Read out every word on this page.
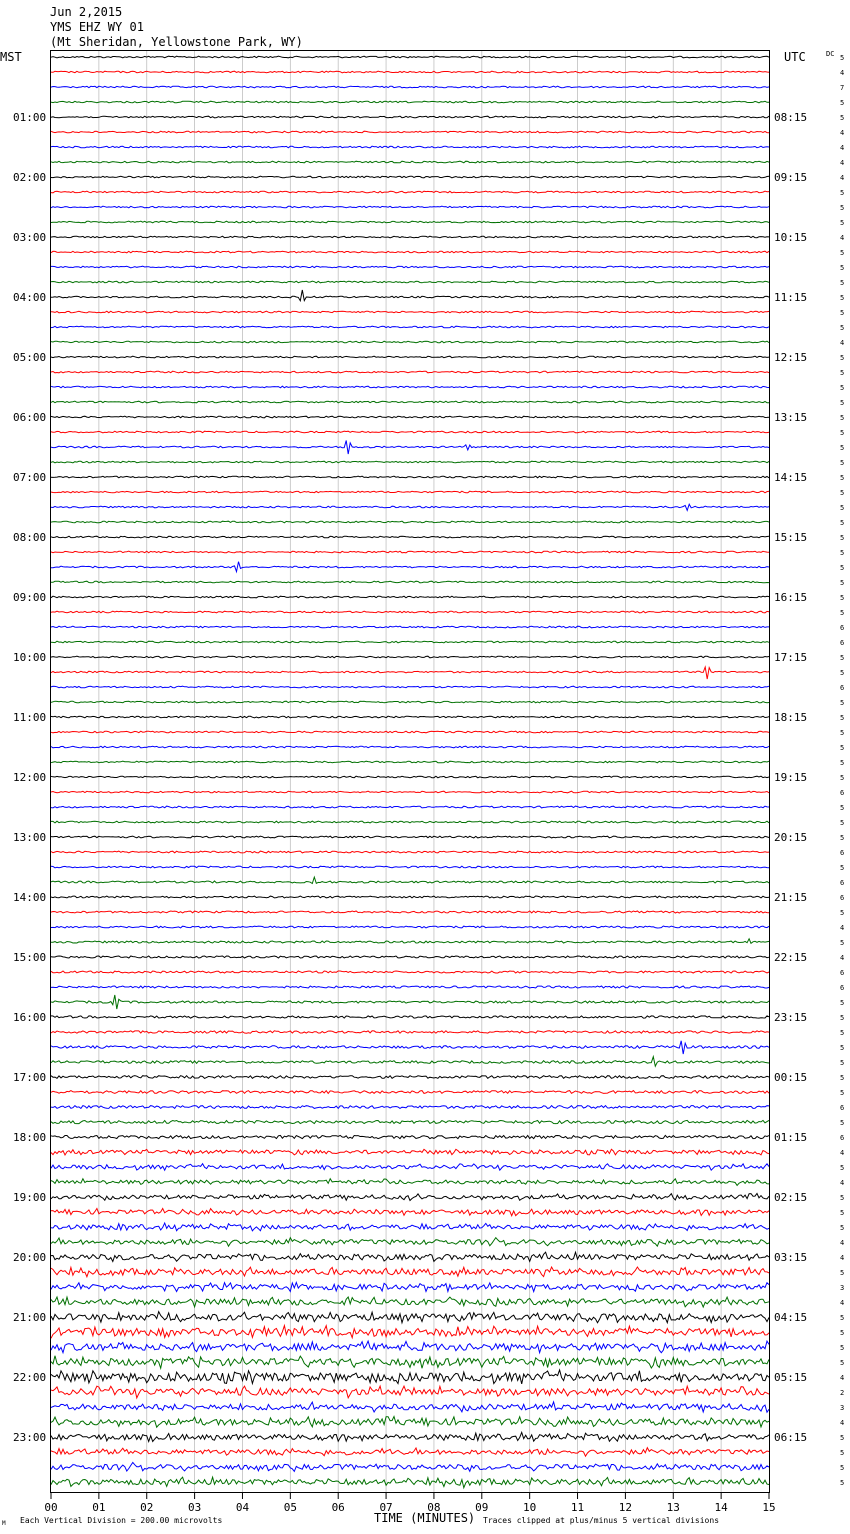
Jun 2,2015
YMS EHZ WY 01
(Mt Sheridan, Yellowstone Park, WY)
MST	UTC	DC
01:00
02:00
03:00
04:00
05:00
06:00
07:00
08:00
09:00
10:00
11:00
12:00
13:00
14:00
15:00
16:00
17:00
18:00
19:00
20:00
21:00
22:00
23:00
08:15
09:15
10:15
11:15
12:15
13:15
14:15
15:15
16:15
17:15
18:15
19:15
20:15
21:15
22:15
23:15
00:15
01:15
02:15
03:15
04:15
05:15
06:15
5
4
7
5
5
4
4
4
4
5
5
5
4
5
5
5
5
5
5
4
5
5
5
5
5
5
5
5
5
5
5
5
5
5
5
5
5
5
6
6
5
5
6
5
5
5
5
5
5
6
5
5
5
6
5
6
6
5
4
5
4
6
6
5
5
5
5
5
5
5
6
5
6
4
5
4
5
5
5
4
4
5
3
4
5
5
5
5
4
2
3
4
5
5
5
5
00	01	02	03	04	05	06	07	08	09	10	11	12	13	14	15
M Each Vertical Division = 200.00 microvolts	TIME (MINUTES) Traces clipped at plus/minus 5 vertical divisions
